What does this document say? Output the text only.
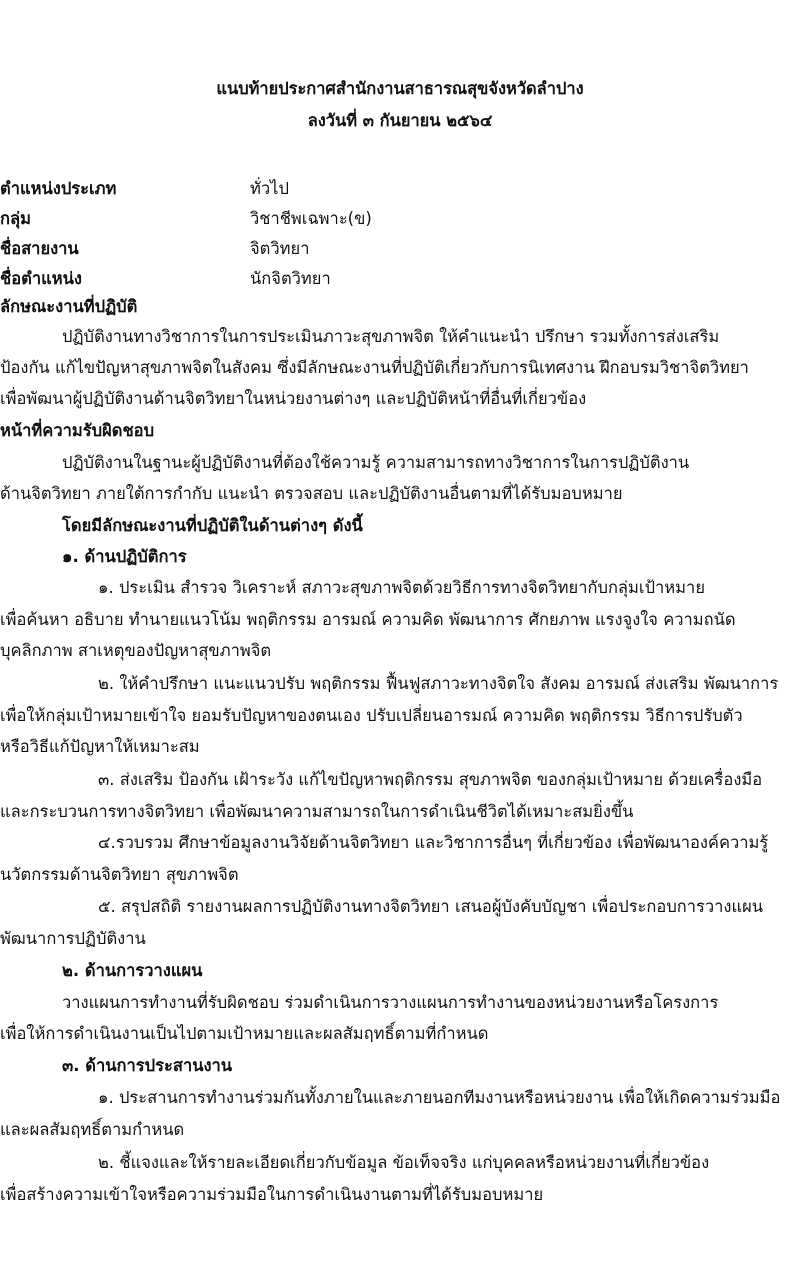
แนบท้ายประกาศสำนักงานสาธารณสุขจังหวัดลำปาง
ลงวันที่ ๓ กันยายน ๒๕๖๔
ตำแหน่งประเภท	ทั่วไป
กลุ่ม	วิชาชีพเฉพาะ(ข)
ชื่อสายงาน	จิตวิทยา
ชื่อตำแหน่ง	นักจิตวิทยา
ลักษณะงานที่ปฏิบัติ
ปฏิบัติงานทางวิชาการในการประเมินภาวะสุขภาพจิต ให้คำแนะนำ ปรึกษา รวมทั้งการส่งเสริม
ป้องกัน แก้ไขปัญหาสุขภาพจิตในสังคม ซึ่งมีลักษณะงานที่ปฏิบัติเกี่ยวกับการนิเทศงาน ฝึกอบรมวิชาจิตวิทยา
เพื่อพัฒนาผู้ปฏิบัติงานด้านจิตวิทยาในหน่วยงานต่างๆ และปฏิบัติหน้าที่อื่นที่เกี่ยวข้อง
หน้าที่ความรับผิดชอบ
ปฏิบัติงานในฐานะผู้ปฏิบัติงานที่ต้องใช้ความรู้ ความสามารถทางวิชาการในการปฏิบัติงาน
ด้านจิตวิทยา ภายใต้การกำกับ แนะนำ ตรวจสอบ และปฏิบัติงานอื่นตามที่ได้รับมอบหมาย
โดยมีลักษณะงานที่ปฏิบัติในด้านต่างๆ ดังนี้
๑. ด้านปฏิบัติการ
๑. ประเมิน สำรวจ วิเคราะห์ สภาวะสุขภาพจิตด้วยวิธีการทางจิตวิทยากับกลุ่มเป้าหมาย
เพื่อค้นหา อธิบาย ทำนายแนวโน้ม พฤติกรรม อารมณ์ ความคิด พัฒนาการ ศักยภาพ แรงจูงใจ ความถนัด
บุคลิกภาพ สาเหตุของปัญหาสุขภาพจิต
๒. ให้คำปรึกษา แนะแนวปรับ พฤติกรรม ฟื้นฟูสภาวะทางจิตใจ สังคม อารมณ์ ส่งเสริม พัฒนาการ
เพื่อให้กลุ่มเป้าหมายเข้าใจ ยอมรับปัญหาของตนเอง ปรับเปลี่ยนอารมณ์ ความคิด พฤติกรรม วิธีการปรับตัว
หรือวิธีแก้ปัญหาให้เหมาะสม
๓. ส่งเสริม ป้องกัน เฝ้าระวัง แก้ไขปัญหาพฤติกรรม สุขภาพจิต ของกลุ่มเป้าหมาย ด้วยเครื่องมือ
และกระบวนการทางจิตวิทยา เพื่อพัฒนาความสามารถในการดำเนินชีวิตได้เหมาะสมยิ่งขึ้น
๔.รวบรวม ศึกษาข้อมูลงานวิจัยด้านจิตวิทยา และวิชาการอื่นๆ ที่เกี่ยวข้อง เพื่อพัฒนาองค์ความรู้
นวัตกรรมด้านจิตวิทยา สุขภาพจิต
๕. สรุปสถิติ รายงานผลการปฏิบัติงานทางจิตวิทยา เสนอผู้บังคับบัญชา เพื่อประกอบการวางแผน
พัฒนาการปฏิบัติงาน
๒. ด้านการวางแผน
วางแผนการทำงานที่รับผิดชอบ ร่วมดำเนินการวางแผนการทำงานของหน่วยงานหรือโครงการ
เพื่อให้การดำเนินงานเป็นไปตามเป้าหมายและผลสัมฤทธิ์ตามที่กำหนด
๓. ด้านการประสานงาน
๑. ประสานการทำงานร่วมกันทั้งภายในและภายนอกทีมงานหรือหน่วยงาน เพื่อให้เกิดความร่วมมือ
และผลสัมฤทธิ์ตามกำหนด
๒. ชี้แจงและให้รายละเอียดเกี่ยวกับข้อมูล ข้อเท็จจริง แก่บุคคลหรือหน่วยงานที่เกี่ยวข้อง
เพื่อสร้างความเข้าใจหรือความร่วมมือในการดำเนินงานตามที่ได้รับมอบหมาย
